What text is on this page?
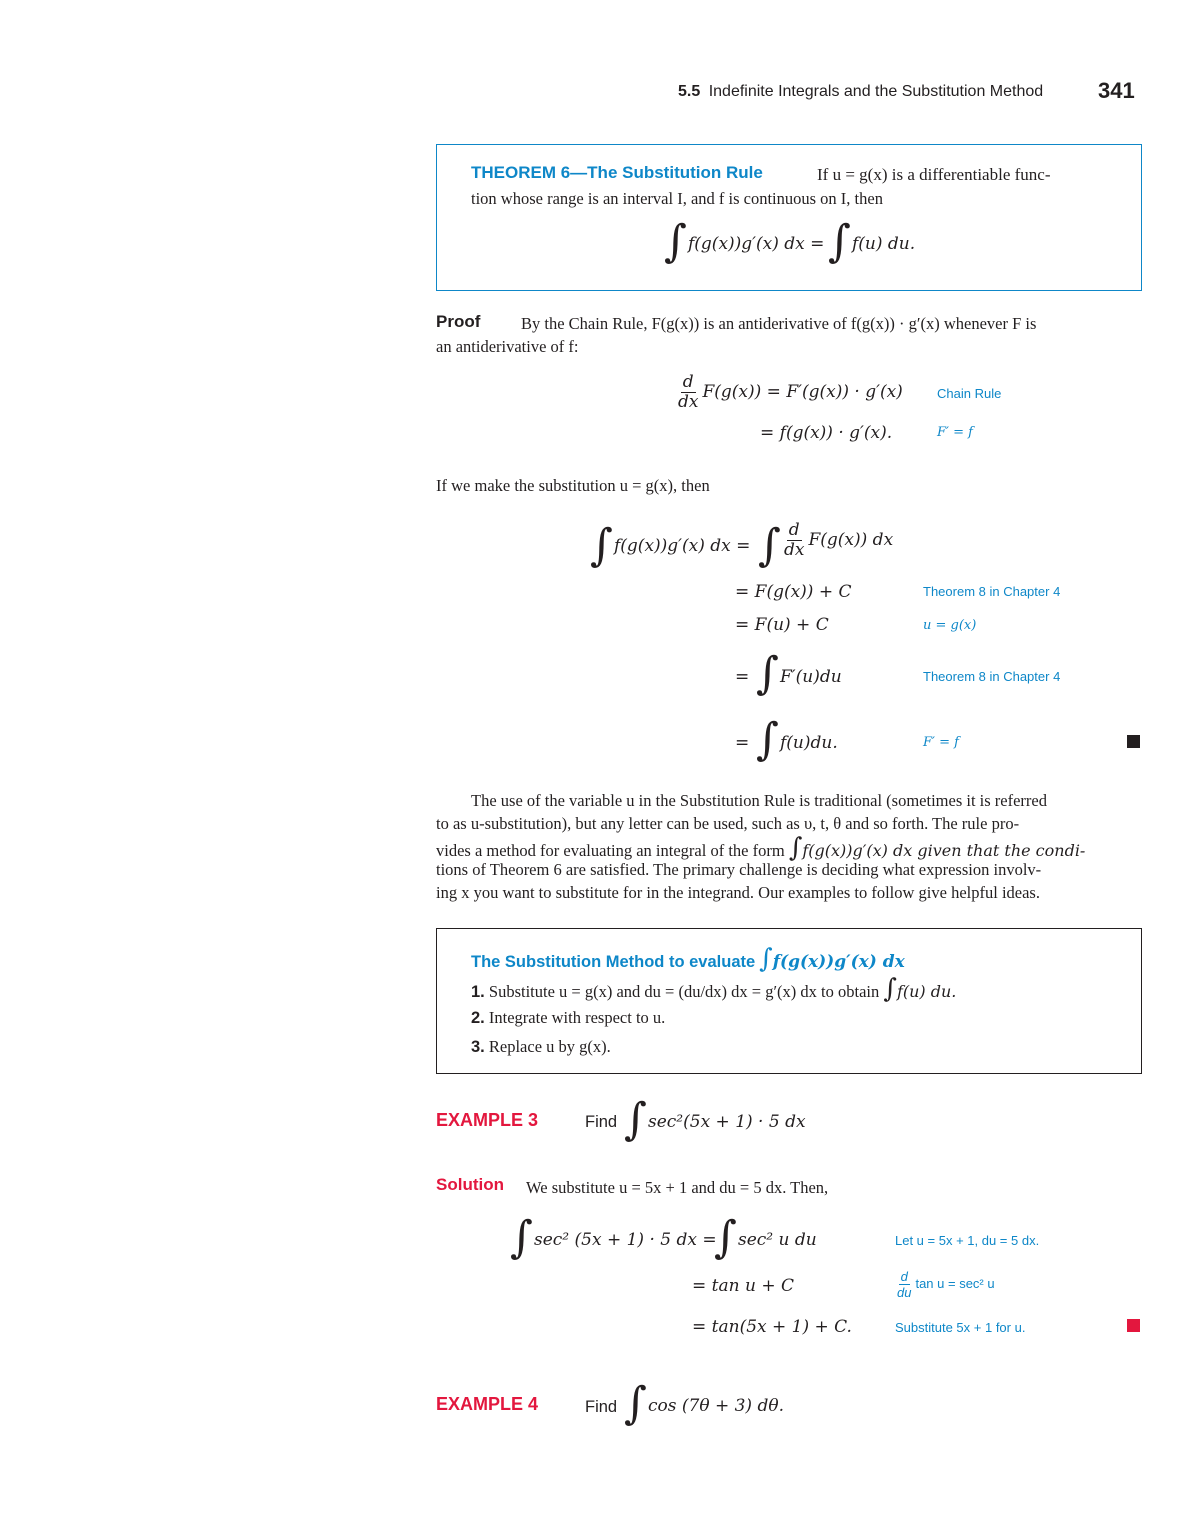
5.5 Indefinite Integrals and the Substitution Method 341
THEOREM 6—The Substitution Rule	If u = g(x) is a differentiable func-
tion whose range is an interval I, and f is continuous on I, then
∫ f(g(x))g′(x) dx = ∫ f(u) du.
Proof By the Chain Rule, F(g(x)) is an antiderivative of f(g(x)) · g′(x) whenever F is
an antiderivative of f:
$\frac{d}{dx} F(g(x)) = F'(g(x)) \cdot g'(x)$	Chain Rule
= f(g(x)) · g′(x).	F′ = f
If we make the substitution u = g(x), then
∫ f(g(x))g′(x) dx = ∫ $\frac{d}{dx} F(g(x))$ dx
= F(g(x)) + C	Theorem 8 in Chapter 4
= F(u) + C	u = g(x)
= ∫ F′(u)du	Theorem 8 in Chapter 4
= ∫ f(u)du.	F′ = f
The use of the variable u in the Substitution Rule is traditional (sometimes it is referred
to as u-substitution), but any letter can be used, such as υ, t, θ and so forth. The rule pro-
vides a method for evaluating an integral of the form ∫f(g(x))g′(x) dx given that the condi-
tions of Theorem 6 are satisfied. The primary challenge is deciding what expression involv-
ing x you want to substitute for in the integrand. Our examples to follow give helpful ideas.
The Substitution Method to evaluate ∫f(g(x))g′(x) dx
1. Substitute u = g(x) and du = (du/dx) dx = g′(x) dx to obtain ∫f(u) du.
2. Integrate with respect to u.
3. Replace u by g(x).
EXAMPLE 3	Find ∫ sec²(5x + 1) · 5 dx
Solution We substitute u = 5x + 1 and du = 5 dx. Then,
∫ sec² (5x + 1) · 5 dx =
∫ sec² u du	Let u = 5x + 1, du = 5 dx.
= tan u + C	$\frac{d}{du}$ tan u = sec² u
= tan(5x + 1) + C.	Substitute 5x + 1 for u.
EXAMPLE 4	Find ∫ cos (7θ + 3) dθ.
